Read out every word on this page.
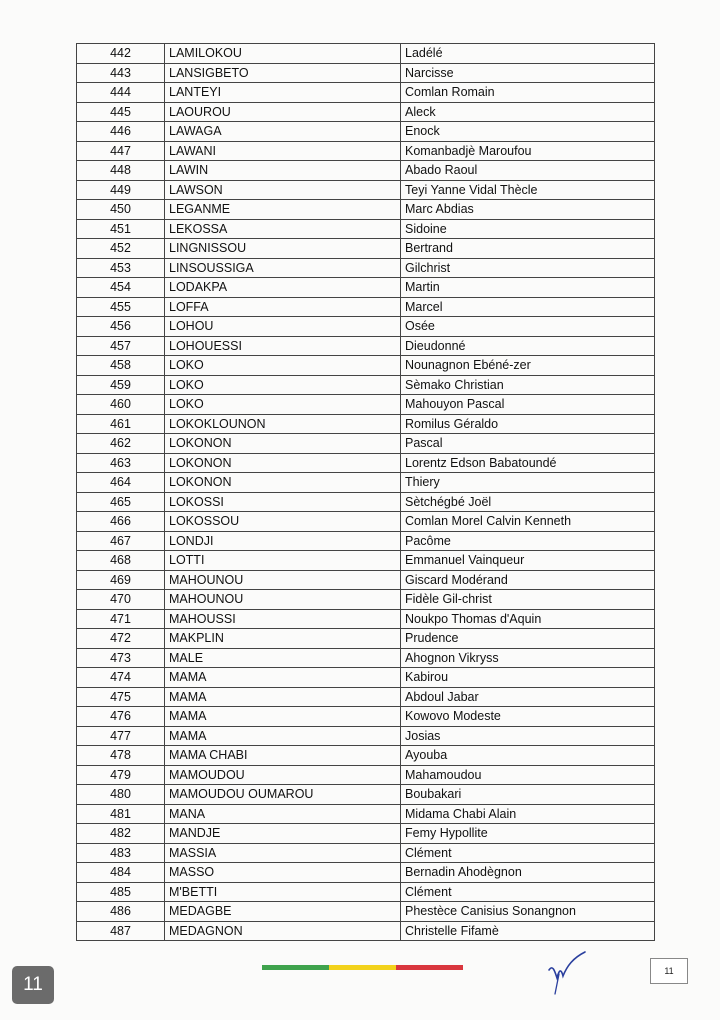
442	LAMILOKOU	Ladélé
443	LANSIGBETO	Narcisse
444	LANTEYI	Comlan Romain
445	LAOUROU	Aleck
446	LAWAGA	Enock
447	LAWANI	Komanbadjè Maroufou
448	LAWIN	Abado Raoul
449	LAWSON	Teyi Yanne Vidal Thècle
450	LEGANME	Marc Abdias
451	LEKOSSA	Sidoine
452	LINGNISSOU	Bertrand
453	LINSOUSSIGA	Gilchrist
454	LODAKPA	Martin
455	LOFFA	Marcel
456	LOHOU	Osée
457	LOHOUESSI	Dieudonné
458	LOKO	Nounagnon Ebéné-zer
459	LOKO	Sèmako Christian
460	LOKO	Mahouyon Pascal
461	LOKOKLOUNON	Romilus Géraldo
462	LOKONON	Pascal
463	LOKONON	Lorentz Edson Babatoundé
464	LOKONON	Thiery
465	LOKOSSI	Sètchégbé Joël
466	LOKOSSOU	Comlan Morel Calvin Kenneth
467	LONDJI	Pacôme
468	LOTTI	Emmanuel Vainqueur
469	MAHOUNOU	Giscard Modérand
470	MAHOUNOU	Fidèle Gil-christ
471	MAHOUSSI	Noukpo Thomas d'Aquin
472	MAKPLIN	Prudence
473	MALE	Ahognon Vikryss
474	MAMA	Kabirou
475	MAMA	Abdoul Jabar
476	MAMA	Kowovo Modeste
477	MAMA	Josias
478	MAMA CHABI	Ayouba
479	MAMOUDOU	Mahamoudou
480	MAMOUDOU OUMAROU	Boubakari
481	MANA	Midama Chabi Alain
482	MANDJE	Femy Hypollite
483	MASSIA	Clément
484	MASSO	Bernadin Ahodègnon
485	M'BETTI	Clément
486	MEDAGBE	Phestèce Canisius Sonangnon
487	MEDAGNON	Christelle Fifamè
11
11
